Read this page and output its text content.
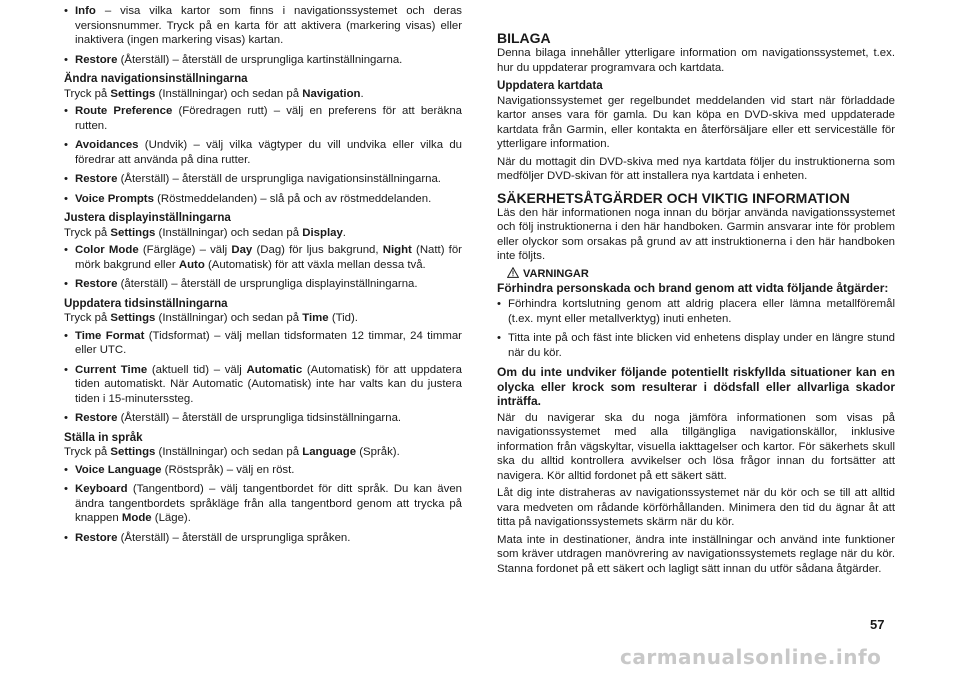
• Info – visa vilka kartor som finns i navigationssystemet och deras versionsnummer. Tryck på en karta för att aktivera (markering visas) eller inaktivera (ingen markering visas) kartan.
• Restore (Återställ) – återställ de ursprungliga kartinställningarna.
Ändra navigationsinställningarna

Tryck på Settings (Inställningar) och sedan på Navigation.

• Route Preference (Föredragen rutt) – välj en preferens för att beräkna rutten.
• Avoidances (Undvik) – välj vilka vägtyper du vill undvika eller vilka du föredrar att använda på dina rutter.
• Restore (Återställ) – återställ de ursprungliga navigationsinställningarna.
• Voice Prompts (Röstmeddelanden) – slå på och av röstmeddelanden.
Justera displayinställningarna

Tryck på Settings (Inställningar) och sedan på Display.

• Color Mode (Färgläge) – välj Day (Dag) för ljus bakgrund, Night (Natt) för mörk bakgrund eller Auto (Automatisk) för att växla mellan dessa två.
• Restore (återställ) – återställ de ursprungliga displayinställningarna.
Uppdatera tidsinställningarna

Tryck på Settings (Inställningar) och sedan på Time (Tid).

• Time Format (Tidsformat) – välj mellan tidsformaten 12 timmar, 24 timmar eller UTC.
• Current Time (aktuell tid) – välj Automatic (Automatisk) för att uppdatera tiden automatiskt. När Automatic (Automatisk) inte har valts kan du justera tiden i 15-minuterssteg.
• Restore (Återställ) – återställ de ursprungliga tidsinställningarna.
Ställa in språk

Tryck på Settings (Inställningar) och sedan på Language (Språk).

• Voice Language (Röstspråk) – välj en röst.
• Keyboard (Tangentbord) – välj tangentbordet för ditt språk. Du kan även ändra tangentbordets språkläge från alla tangentbord genom att trycka på knappen Mode (Läge).
• Restore (Återställ) – återställ de ursprungliga språken.
BILAGA

Denna bilaga innehåller ytterligare information om navigationssystemet, t.ex. hur du uppdaterar programvara och kartdata.

Uppdatera kartdata

Navigationssystemet ger regelbundet meddelanden vid start när förladdade kartor anses vara för gamla. Du kan köpa en DVD-skiva med uppdaterade kartdata från Garmin, eller kontakta en återförsäljare eller ett serviceställe för ytterligare information.

När du mottagit din DVD-skiva med nya kartdata följer du instruktionerna som medföljer DVD-skivan för att installera nya kartdata i enheten.

SÄKERHETSÅTGÄRDER OCH VIKTIG INFORMATION

Läs den här informationen noga innan du börjar använda navigationssystemet och följ instruktionerna i den här handboken. Garmin ansvarar inte för problem eller olyckor som orsakas på grund av att instruktionerna i den här handboken inte följts.

VARNINGAR
Förhindra personskada och brand genom att vidta följande åtgärder:
• Förhindra kortslutning genom att aldrig placera eller lämna metallföremål (t.ex. mynt eller metallverktyg) inuti enheten.
• Titta inte på och fäst inte blicken vid enhetens display under en längre stund när du kör.
Om du inte undviker följande potentiellt riskfyllda situationer kan en olycka eller krock som resulterar i dödsfall eller allvarliga skador inträffa.

När du navigerar ska du noga jämföra informationen som visas på navigationssystemet med alla tillgängliga navigationskällor, inklusive information från vägskyltar, visuella iakttagelser och kartor. För säkerhets skull ska du alltid kontrollera avvikelser och lösa frågor innan du fortsätter att navigera. Kör alltid fordonet på ett säkert sätt.

Låt dig inte distraheras av navigationssystemet när du kör och se till att alltid vara medveten om rådande körförhållanden. Minimera den tid du ägnar åt att titta på navigationssystemets skärm när du kör.

Mata inte in destinationer, ändra inte inställningar och använd inte funktioner som kräver utdragen manövrering av navigationssystemets reglage när du kör. Stanna fordonet på ett säkert och lagligt sätt innan du utför sådana åtgärder.

57
carmanualsonline.info
